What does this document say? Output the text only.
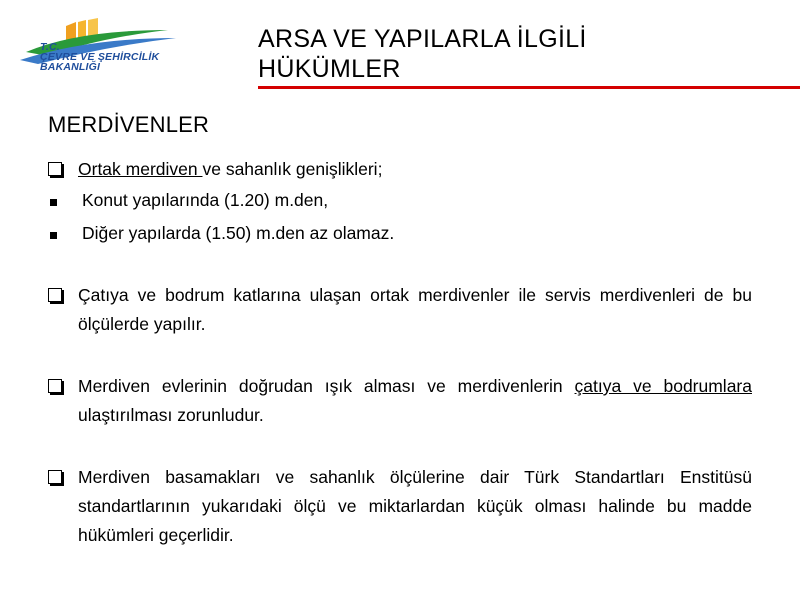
T.C.
ÇEVRE VE ŞEHİRCİLİK
BAKANLIĞI
ARSA VE YAPILARLA İLGİLİ
HÜKÜMLER
MERDİVENLER
Ortak merdiven ve sahanlık genişlikleri;
Konut yapılarında (1.20) m.den,
Diğer yapılarda (1.50) m.den az olamaz.
Çatıya ve bodrum katlarına ulaşan ortak merdivenler ile servis merdivenleri de bu ölçülerde yapılır.
Merdiven evlerinin doğrudan ışık alması ve merdivenlerin çatıya ve bodrumlara ulaştırılması zorunludur.
Merdiven basamakları ve sahanlık ölçülerine dair Türk Standartları Enstitüsü standartlarının yukarıdaki ölçü ve miktarlardan küçük olması halinde bu madde hükümleri geçerlidir.
